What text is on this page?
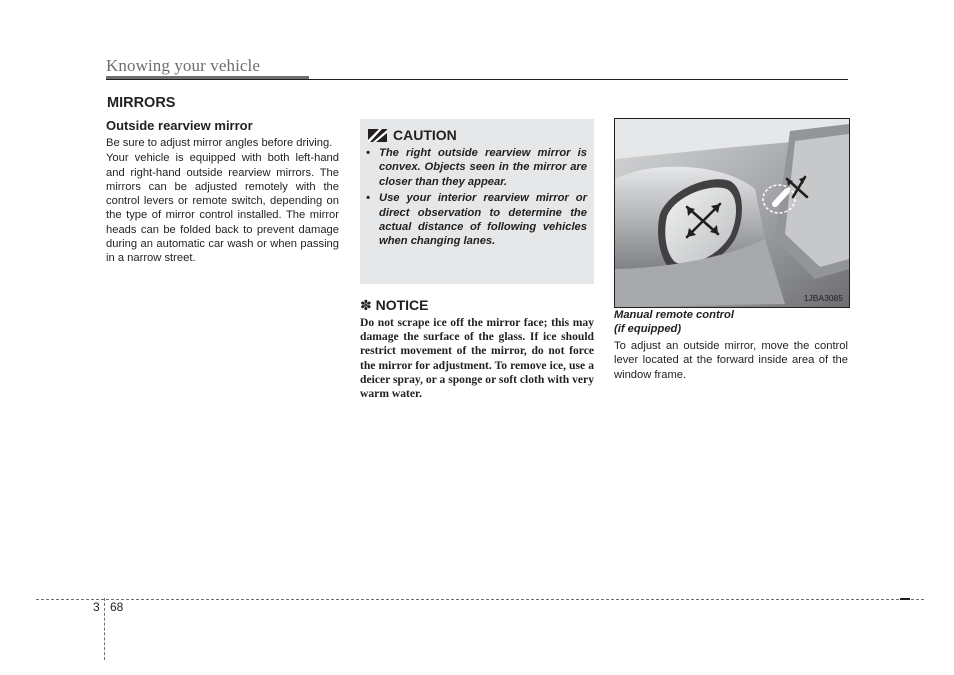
Knowing your vehicle
MIRRORS
Outside rearview mirror

Be sure to adjust mirror angles before driving.

Your vehicle is equipped with both left-hand and right-hand outside rearview mirrors. The mirrors can be adjusted remotely with the control levers or remote switch, depending on the type of mirror control installed. The mirror heads can be folded back to prevent damage during an automatic car wash or when passing in a narrow street.

CAUTION
• The right outside rearview mirror is convex. Objects seen in the mirror are closer than they appear.
• Use your interior rearview mirror or direct observation to determine the actual distance of following vehicles when changing lanes.
✽ NOTICE
Do not scrape ice off the mirror face; this may damage the surface of the glass. If ice should restrict movement of the mirror, do not force the mirror for adjustment. To remove ice, use a deicer spray, or a sponge or soft cloth with very warm water.
1JBA3085
Manual remote control
(if equipped)
To adjust an outside mirror, move the control lever located at the forward inside area of the window frame.
3 68
